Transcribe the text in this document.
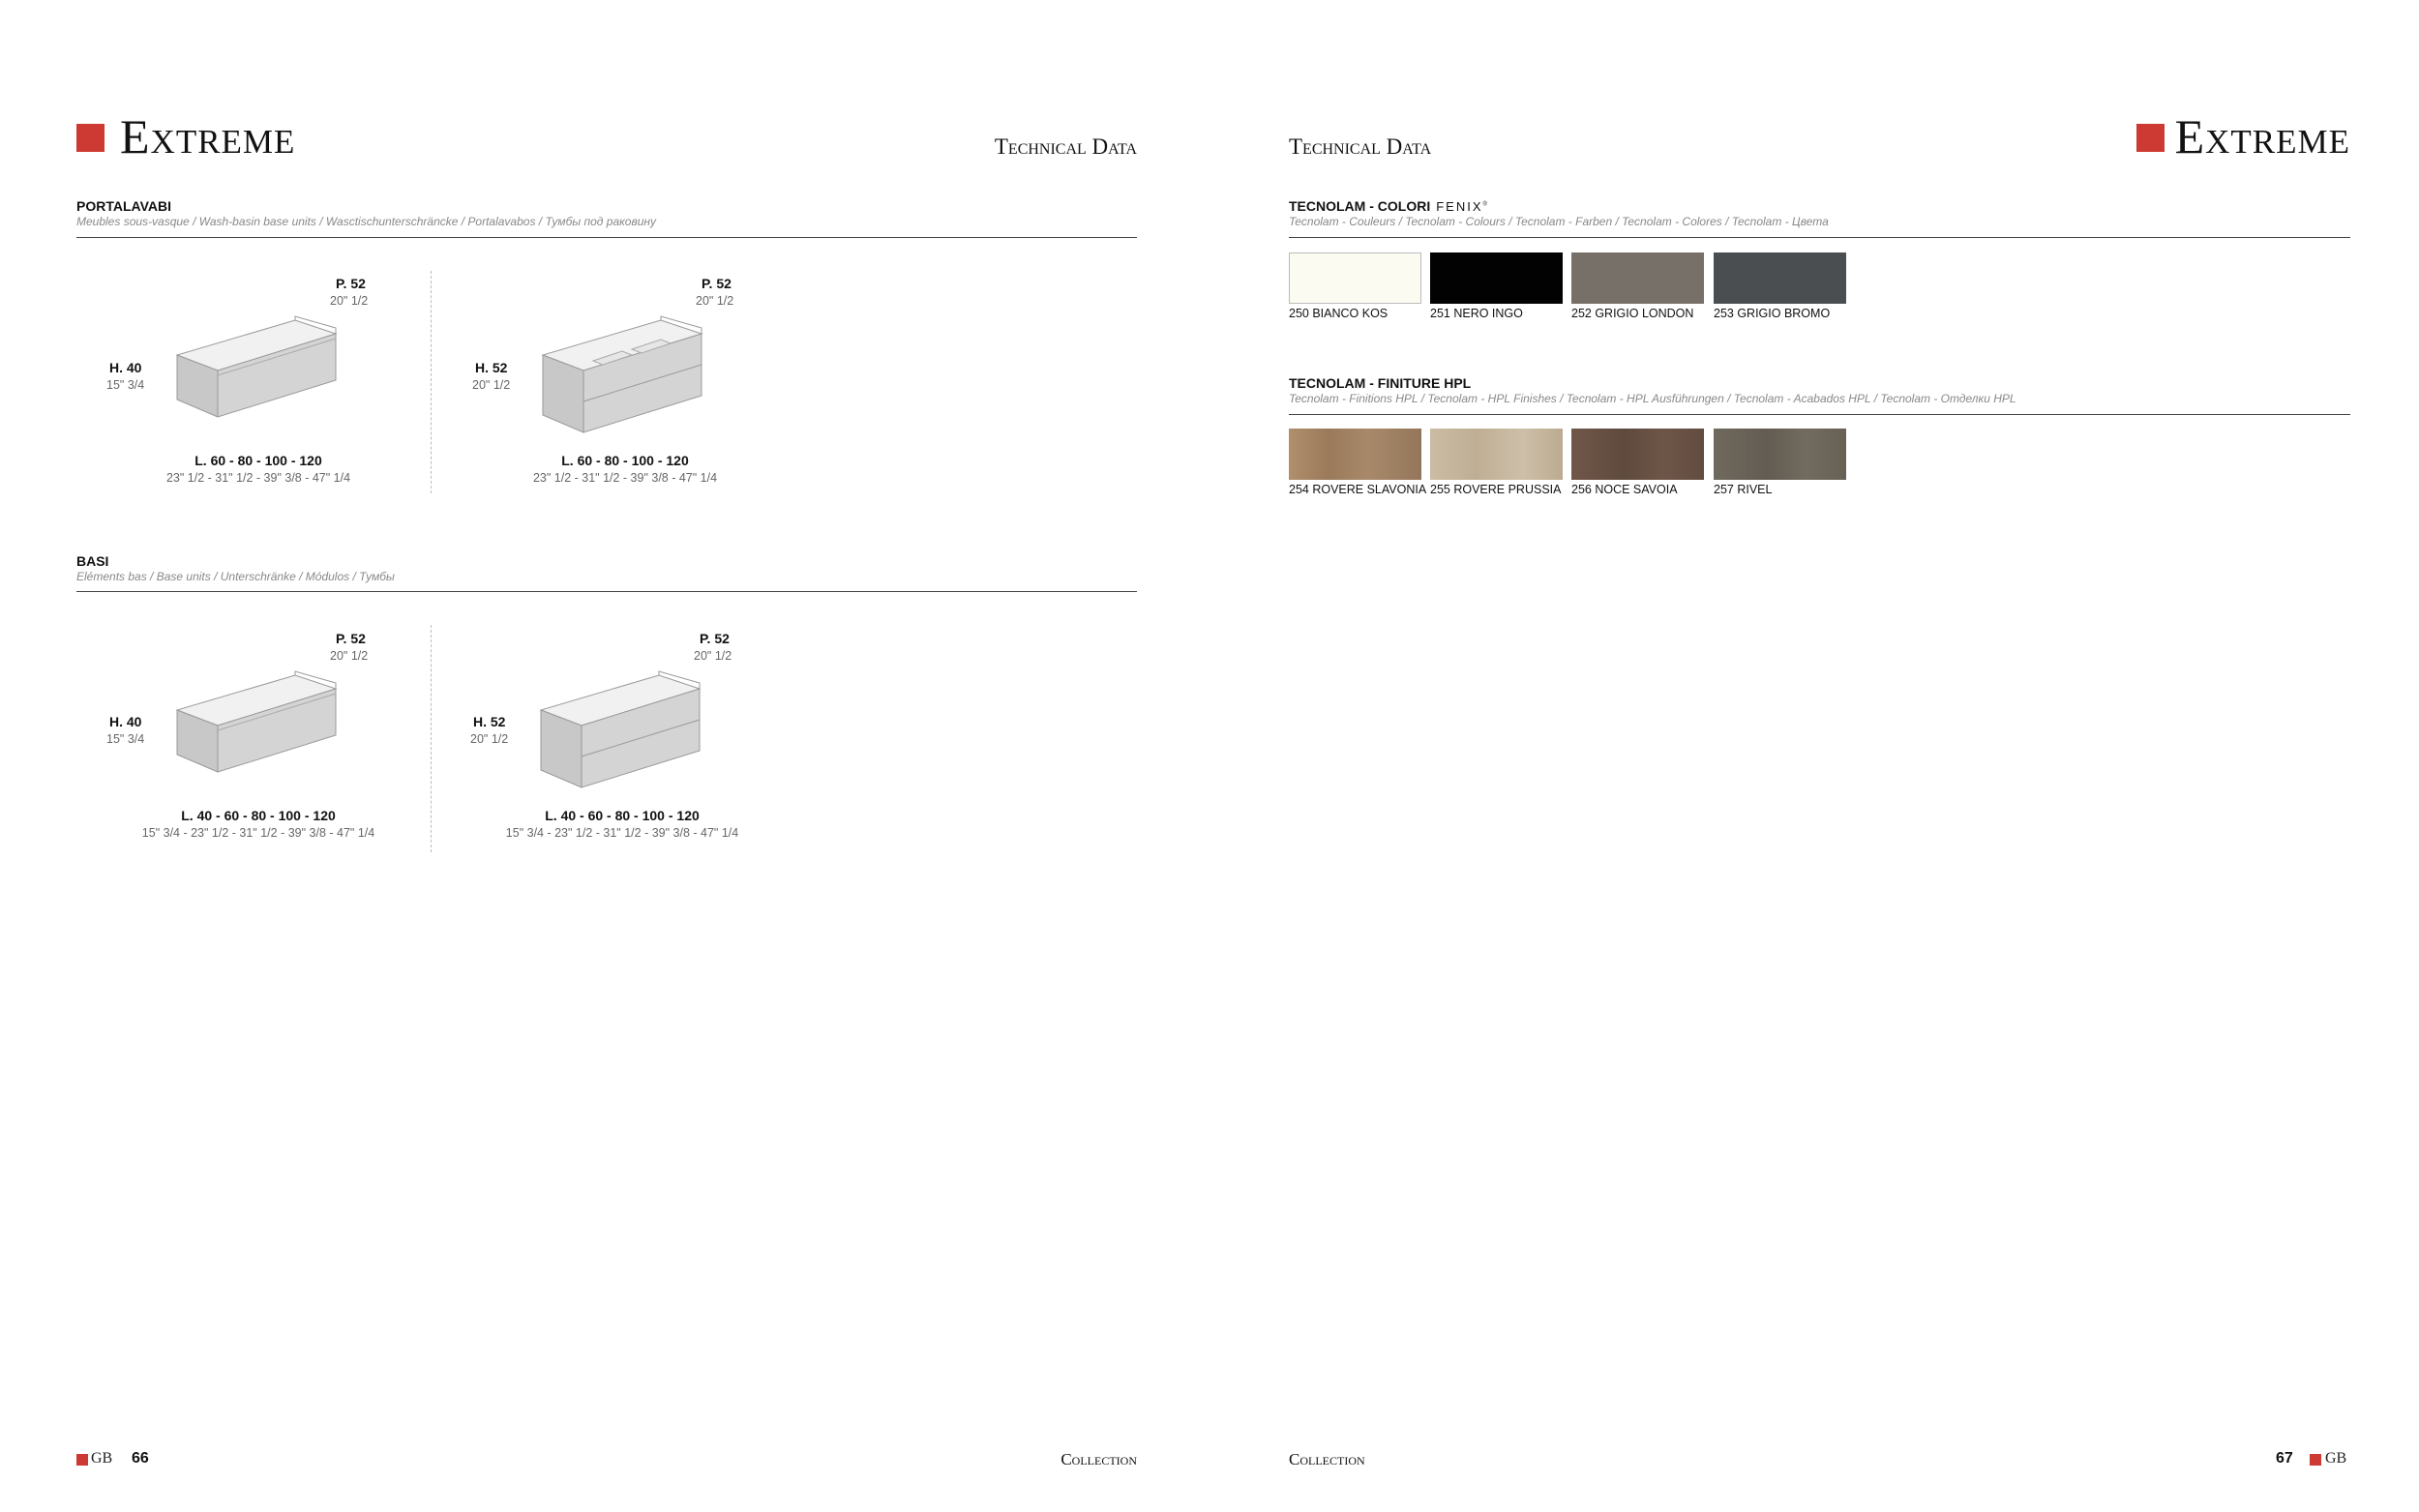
Extreme	Technical Data
PORTALAVABI
Meubles sous-vasque / Wash-basin base units / Wasctischunterschräncke / Portalavabos / Тумбы под раковину
P. 52
20" 1/2
H. 40
15" 3/4
L. 60 - 80 - 100 - 120
23" 1/2 - 31" 1/2 - 39" 3/8 - 47" 1/4
P. 52
20" 1/2
H. 52
20" 1/2
L. 60 - 80 - 100 - 120
23" 1/2 - 31" 1/2 - 39" 3/8 - 47" 1/4
BASI
Eléments bas / Base units / Unterschränke / Módulos / Тумбы
P. 52
20" 1/2
H. 40
15" 3/4
L. 40 - 60 - 80 - 100 - 120
15" 3/4 - 23" 1/2 - 31" 1/2 - 39" 3/8 - 47" 1/4
P. 52
20" 1/2
H. 52
20" 1/2
L. 40 - 60 - 80 - 100 - 120
15" 3/4 - 23" 1/2 - 31" 1/2 - 39" 3/8 - 47" 1/4
GB 66	Collection
Technical Data	Extreme
TECNOLAM - COLORI FENIX®
Tecnolam - Couleurs / Tecnolam - Colours / Tecnolam - Farben / Tecnolam - Colores / Tecnolam - Цвета
250 BIANCO KOS	251 NERO INGO	252 GRIGIO LONDON 253 GRIGIO BROMO
TECNOLAM - FINITURE HPL
Tecnolam - Finitions HPL / Tecnolam - HPL Finishes / Tecnolam - HPL Ausführungen / Tecnolam - Acabados HPL / Tecnolam - Отделки HPL
254 ROVERE SLAVONIA 255 ROVERE PRUSSIA 256 NOCE SAVOIA	257 RIVEL
Collection	67 GB
